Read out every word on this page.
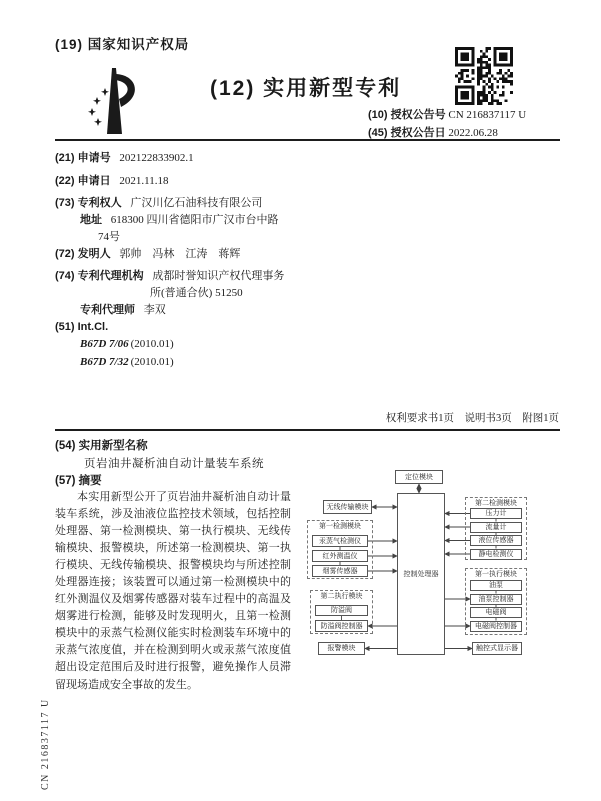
(19) 国家知识产权局
(12) 实用新型专利
(10) 授权公告号 CN 216837117 U
(45) 授权公告日 2022.06.28
(21) 申请号 202122833902.1
(22) 申请日 2021.11.18
(73) 专利权人 广汉川亿石油科技有限公司
地址 618300 四川省德阳市广汉市台中路
74号
(72) 发明人 郭帅　冯林　江涛　蒋辉
(74) 专利代理机构 成都时誉知识产权代理事务
所(普通合伙) 51250
专利代理师 李双
(51) Int.Cl.
B67D 7/06 (2010.01)
B67D 7/32 (2010.01)
权利要求书1页　说明书3页　附图1页
(54) 实用新型名称
页岩油井凝析油自动计量装车系统
(57) 摘要
本实用新型公开了页岩油井凝析油自动计量装车系统，涉及油液位监控技术领域，包括控制处理器、第一检测模块、第一执行模块、无线传输模块、报警模块，所述第一检测模块、第一执行模块、无线传输模块、报警模块均与所述控制处理器连接；该装置可以通过第一检测模块中的红外测温仪及烟雾传感器对装车过程中的高温及烟雾进行检测，能够及时发现明火，且第一检测模块中的汞蒸气检测仪能实时检测装车环境中的汞蒸气浓度值，并在检测到明火或汞蒸气浓度值超出设定范围后及时进行报警，避免操作人员滞留现场造成安全事故的发生。
CN 216837117 U
定位模块
控制处理器
无线传输模块
第一检测模块
汞蒸气检测仪
红外测温仪
烟雾传感器
第二执行模块
防溢阀
防溢阀控制器
报警模块
第二检测模块
压力计
流量计
液位传感器
静电检测仪
第一执行模块
油泵
油泵控制器
电磁阀
电磁阀控制器
触控式显示器
